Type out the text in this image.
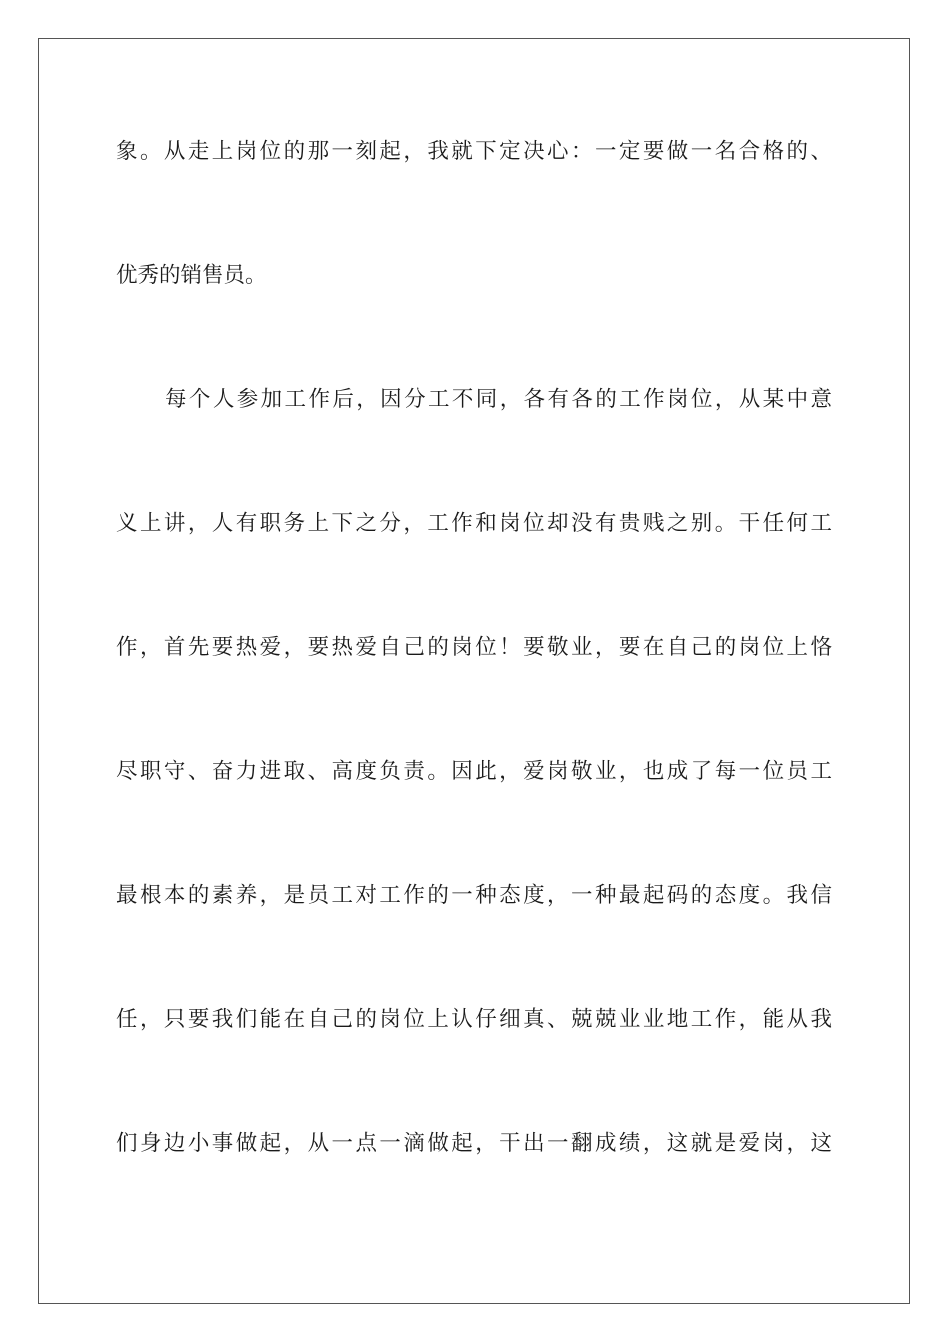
象。从走上岗位的那一刻起，我就下定决心：一定要做一名合格的、
优秀的销售员。
每个人参加工作后，因分工不同，各有各的工作岗位，从某中意
义上讲，人有职务上下之分，工作和岗位却没有贵贱之别。干任何工
作，首先要热爱，要热爱自己的岗位！要敬业，要在自己的岗位上恪
尽职守、奋力进取、高度负责。因此，爱岗敬业，也成了每一位员工
最根本的素养，是员工对工作的一种态度，一种最起码的态度。我信
任，只要我们能在自己的岗位上认仔细真、兢兢业业地工作，能从我
们身边小事做起，从一点一滴做起，干出一翻成绩，这就是爱岗，这
